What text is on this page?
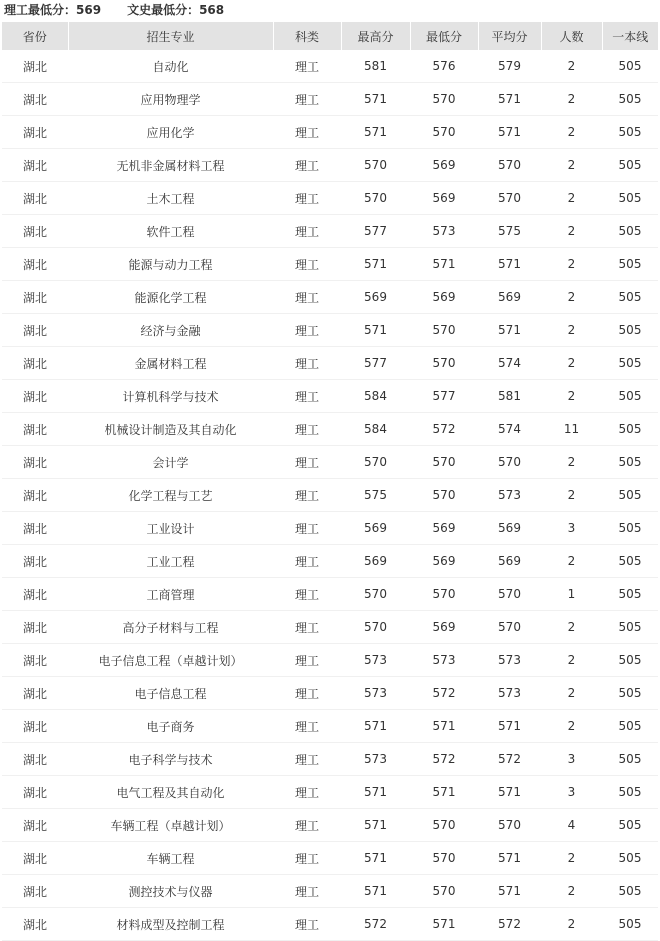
理工最低分：569 文史最低分：568
省份	招生专业	科类	最高分	最低分	平均分	人数	一本线
湖北	自动化	理工	581	576	579	2	505
湖北	应用物理学	理工	571	570	571	2	505
湖北	应用化学	理工	571	570	571	2	505
湖北	无机非金属材料工程	理工	570	569	570	2	505
湖北	土木工程	理工	570	569	570	2	505
湖北	软件工程	理工	577	573	575	2	505
湖北	能源与动力工程	理工	571	571	571	2	505
湖北	能源化学工程	理工	569	569	569	2	505
湖北	经济与金融	理工	571	570	571	2	505
湖北	金属材料工程	理工	577	570	574	2	505
湖北	计算机科学与技术	理工	584	577	581	2	505
湖北	机械设计制造及其自动化	理工	584	572	574	11	505
湖北	会计学	理工	570	570	570	2	505
湖北	化学工程与工艺	理工	575	570	573	2	505
湖北	工业设计	理工	569	569	569	3	505
湖北	工业工程	理工	569	569	569	2	505
湖北	工商管理	理工	570	570	570	1	505
湖北	高分子材料与工程	理工	570	569	570	2	505
湖北	电子信息工程（卓越计划）	理工	573	573	573	2	505
湖北	电子信息工程	理工	573	572	573	2	505
湖北	电子商务	理工	571	571	571	2	505
湖北	电子科学与技术	理工	573	572	572	3	505
湖北	电气工程及其自动化	理工	571	571	571	3	505
湖北	车辆工程（卓越计划）	理工	571	570	570	4	505
湖北	车辆工程	理工	571	570	571	2	505
湖北	测控技术与仪器	理工	571	570	571	2	505
湖北	材料成型及控制工程	理工	572	571	572	2	505
